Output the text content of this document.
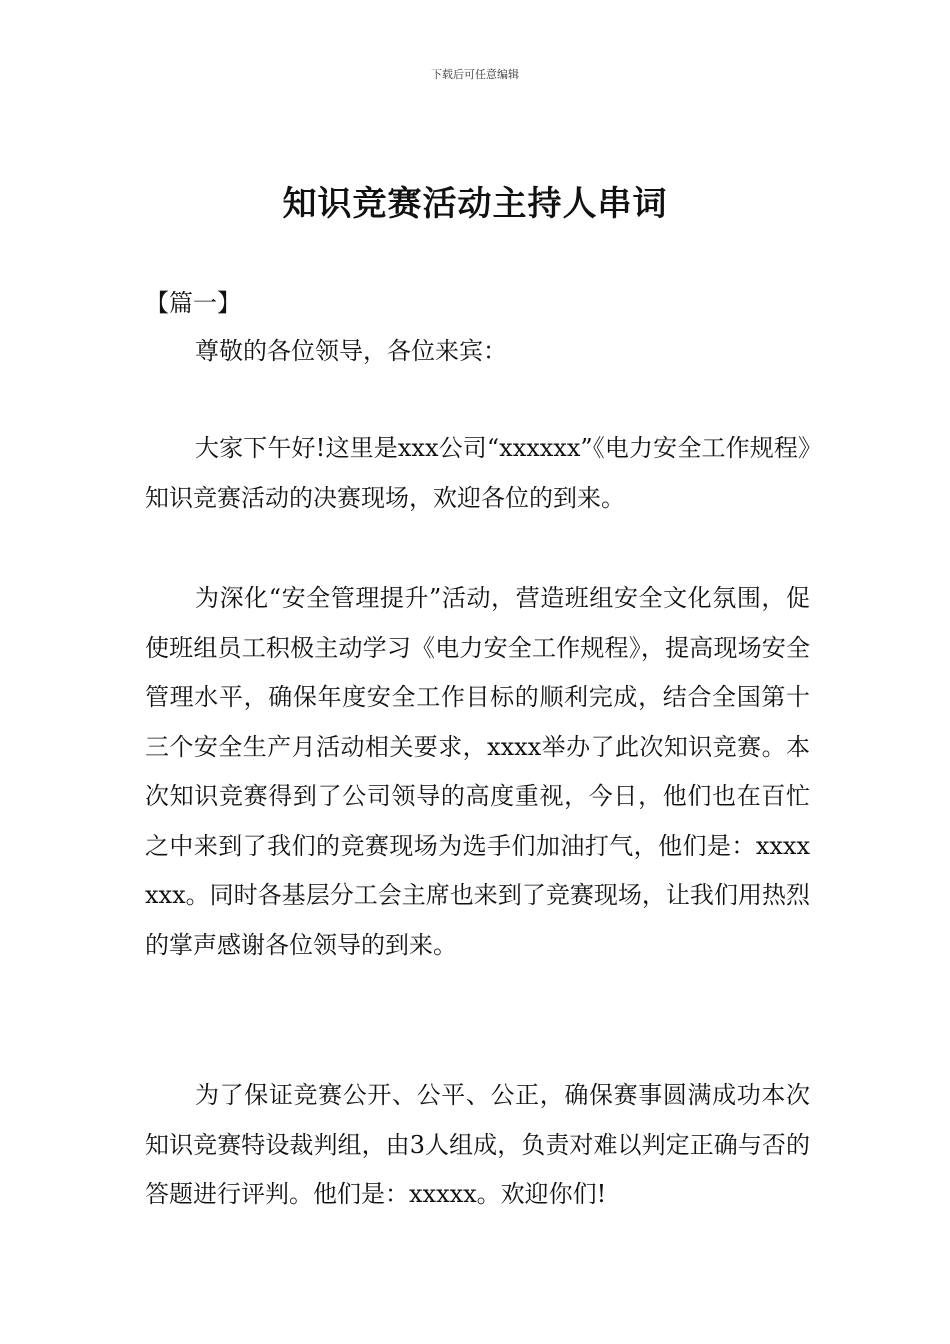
下载后可任意编辑
知识竞赛活动主持人串词
【篇一】

尊敬的各位领导，各位来宾：

大家下午好!这里是xxx公司“xxxxxx”《电力安全工作规程》知识竞赛活动的决赛现场，欢迎各位的到来。

为深化“安全管理提升”活动，营造班组安全文化氛围，促使班组员工积极主动学习《电力安全工作规程》，提高现场安全管理水平，确保年度安全工作目标的顺利完成，结合全国第十三个安全生产月活动相关要求，xxxx举办了此次知识竞赛。本次知识竞赛得到了公司领导的高度重视，今日，他们也在百忙之中来到了我们的竞赛现场为选手们加油打气，他们是：xxxxxxx。同时各基层分工会主席也来到了竞赛现场，让我们用热烈的掌声感谢各位领导的到来。

为了保证竞赛公开、公平、公正，确保赛事圆满成功本次知识竞赛特设裁判组，由3人组成，负责对难以判定正确与否的答题进行评判。他们是：xxxxx。欢迎你们!
